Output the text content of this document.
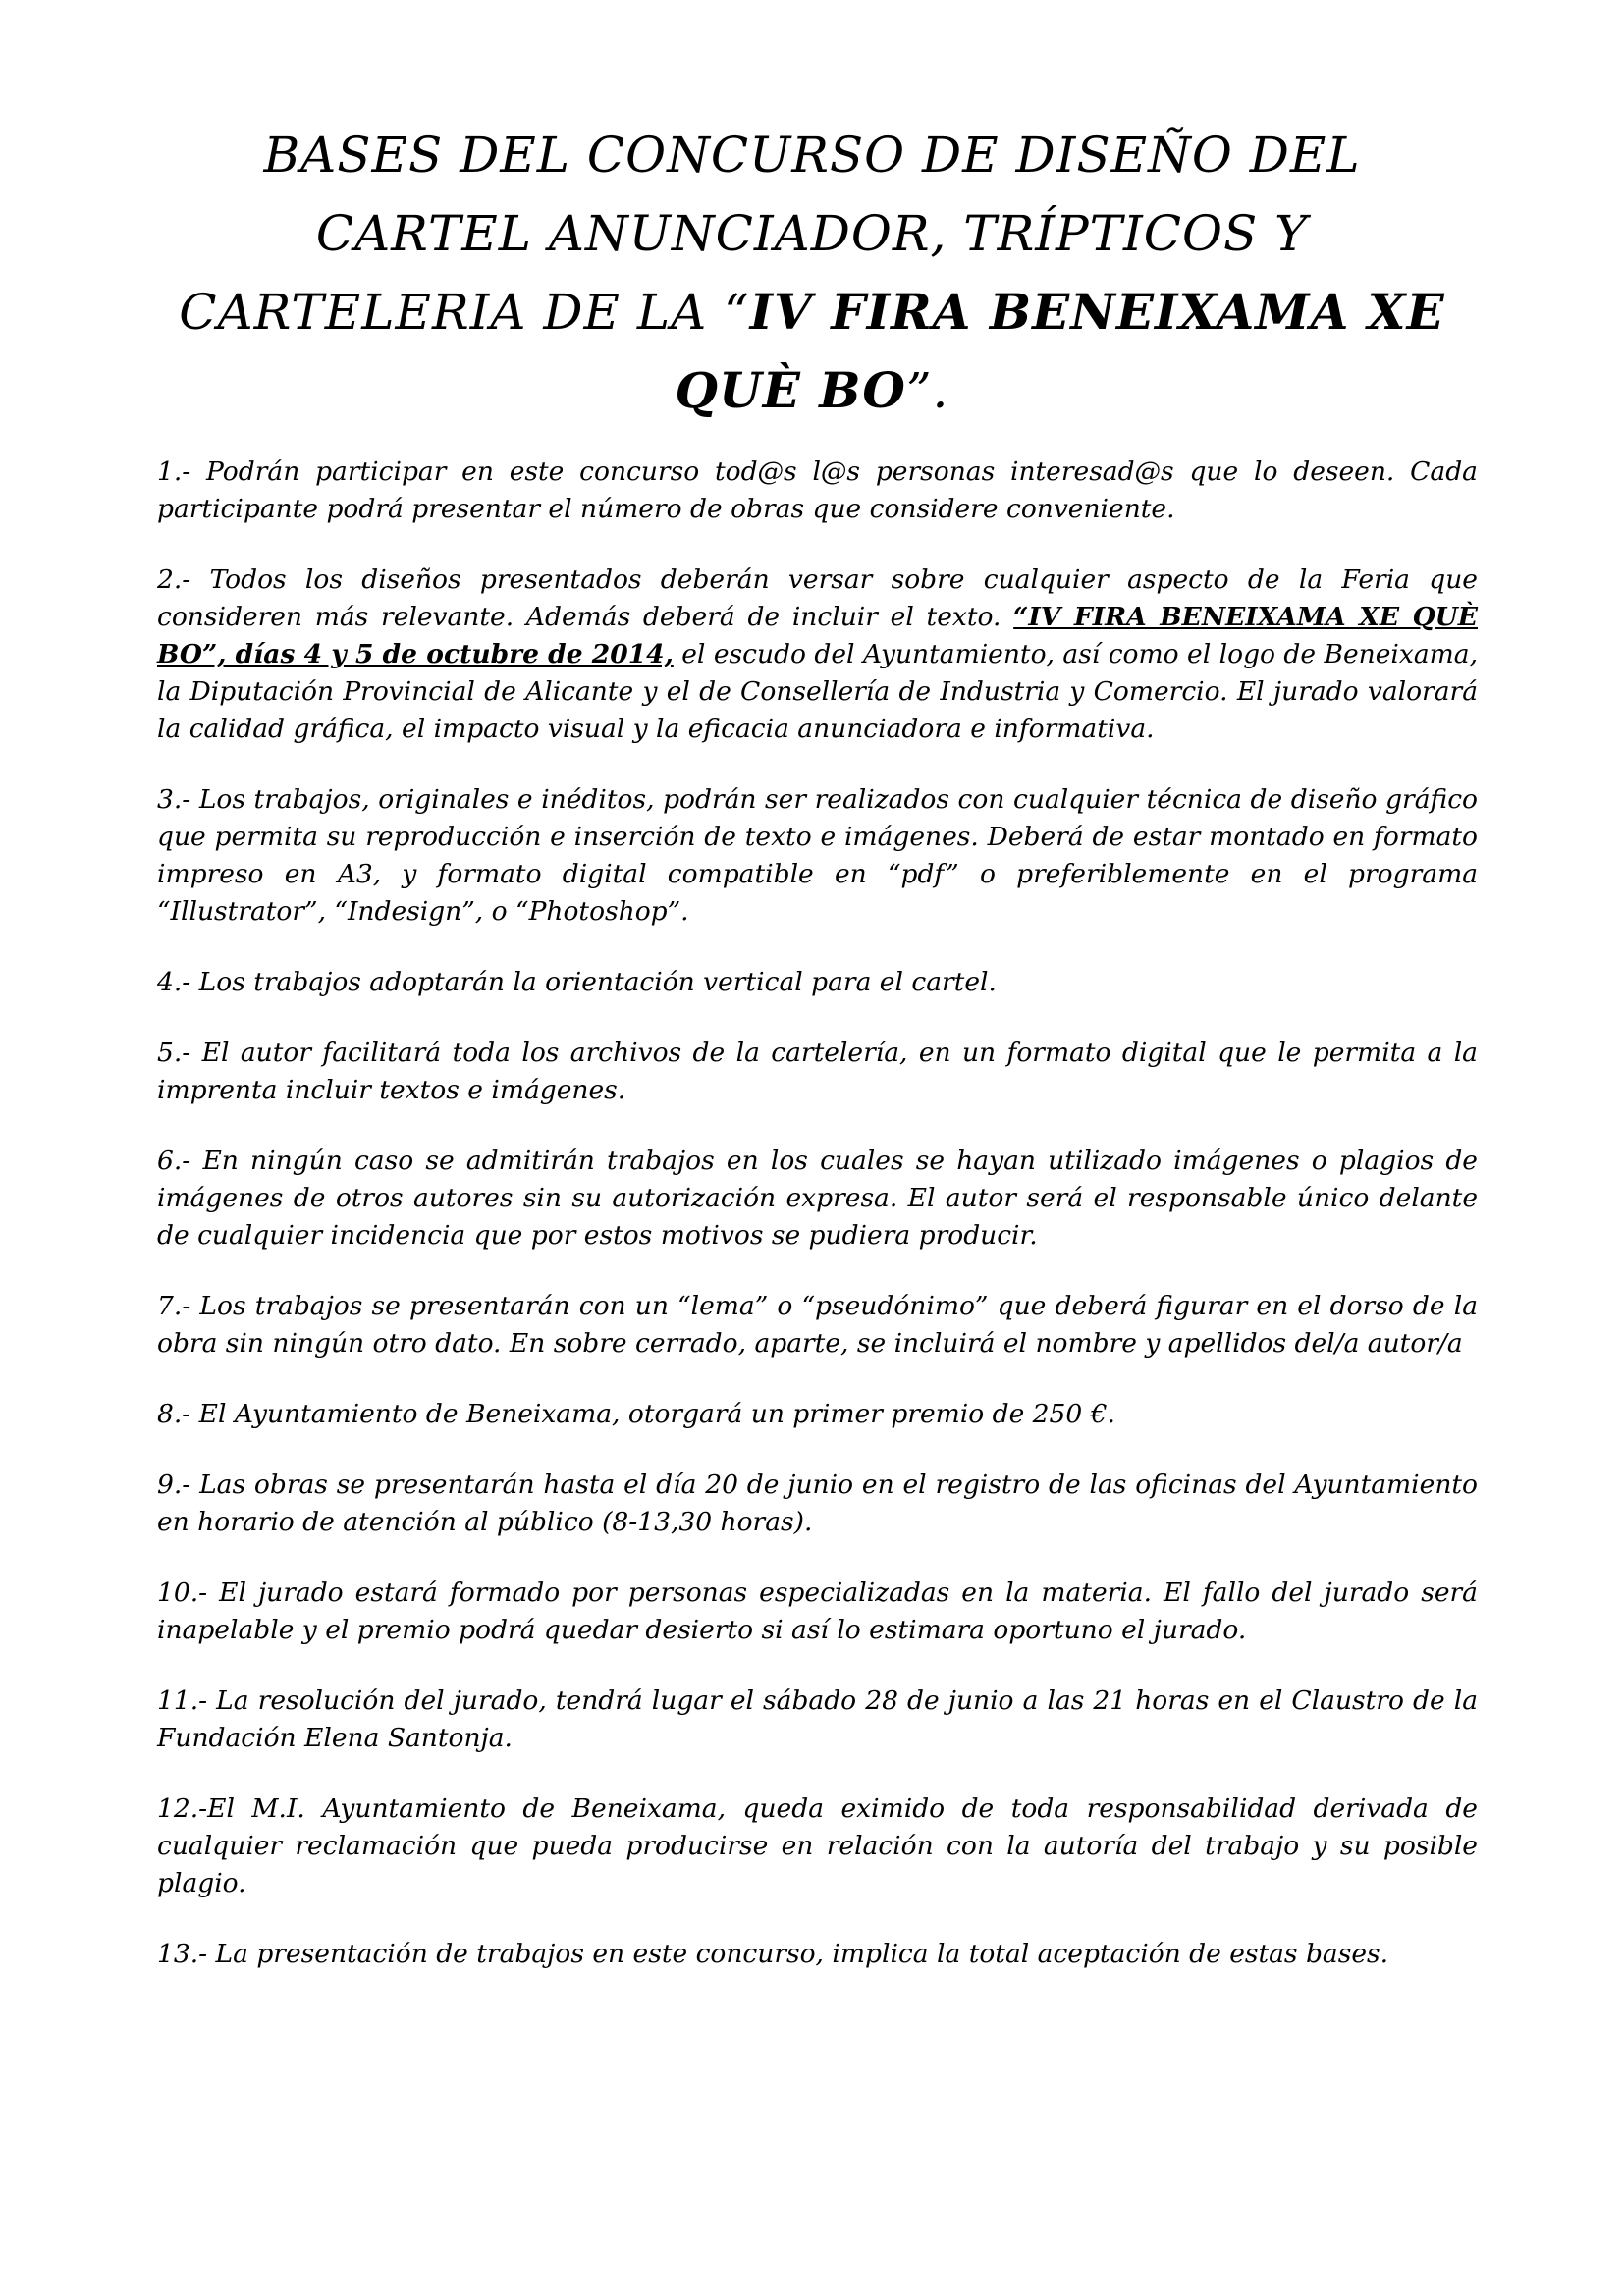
BASES DEL CONCURSO DE DISEÑO DEL CARTEL ANUNCIADOR, TRÍPTICOS Y CARTELERIA DE LA “IV FIRA BENEIXAMA XE QUÈ BO”.

1.- Podrán participar en este concurso tod@s l@s personas interesad@s que lo deseen. Cada participante podrá presentar el número de obras que considere conveniente.

2.- Todos los diseños presentados deberán versar sobre cualquier aspecto de la Feria que consideren más relevante. Además deberá de incluir el texto. “IV FIRA BENEIXAMA XE QUÈ BO”, días 4 y 5 de octubre de 2014, el escudo del Ayuntamiento, así como el logo de Beneixama, la Diputación Provincial de Alicante y el de Consellería de Industria y Comercio. El jurado valorará la calidad gráfica, el impacto visual y la eficacia anunciadora e informativa.

3.- Los trabajos, originales e inéditos, podrán ser realizados con cualquier técnica de diseño gráfico que permita su reproducción e inserción de texto e imágenes. Deberá de estar montado en formato impreso en A3, y formato digital compatible en “pdf” o preferiblemente en el programa “Illustrator”, “Indesign”, o “Photoshop”.

4.- Los trabajos adoptarán la orientación vertical para el cartel.

5.- El autor facilitará toda los archivos de la cartelería, en un formato digital que le permita a la imprenta incluir textos e imágenes.

6.- En ningún caso se admitirán trabajos en los cuales se hayan utilizado imágenes o plagios de imágenes de otros autores sin su autorización expresa. El autor será el responsable único delante de cualquier incidencia que por estos motivos se pudiera producir.

7.- Los trabajos se presentarán con un “lema” o “pseudónimo” que deberá figurar en el dorso de la obra sin ningún otro dato. En sobre cerrado, aparte, se incluirá el nombre y apellidos del/a autor/a

8.- El Ayuntamiento de Beneixama, otorgará un primer premio de 250 €.

9.- Las obras se presentarán hasta el día 20 de junio en el registro de las oficinas del Ayuntamiento en horario de atención al público (8-13,30 horas).

10.- El jurado estará formado por personas especializadas en la materia. El fallo del jurado será inapelable y el premio podrá quedar desierto si así lo estimara oportuno el jurado.

11.- La resolución del jurado, tendrá lugar el sábado 28 de junio a las 21 horas en el Claustro de la Fundación Elena Santonja.

12.-El M.I. Ayuntamiento de Beneixama, queda eximido de toda responsabilidad derivada de cualquier reclamación que pueda producirse en relación con la autoría del trabajo y su posible plagio.

13.- La presentación de trabajos en este concurso, implica la total aceptación de estas bases.
